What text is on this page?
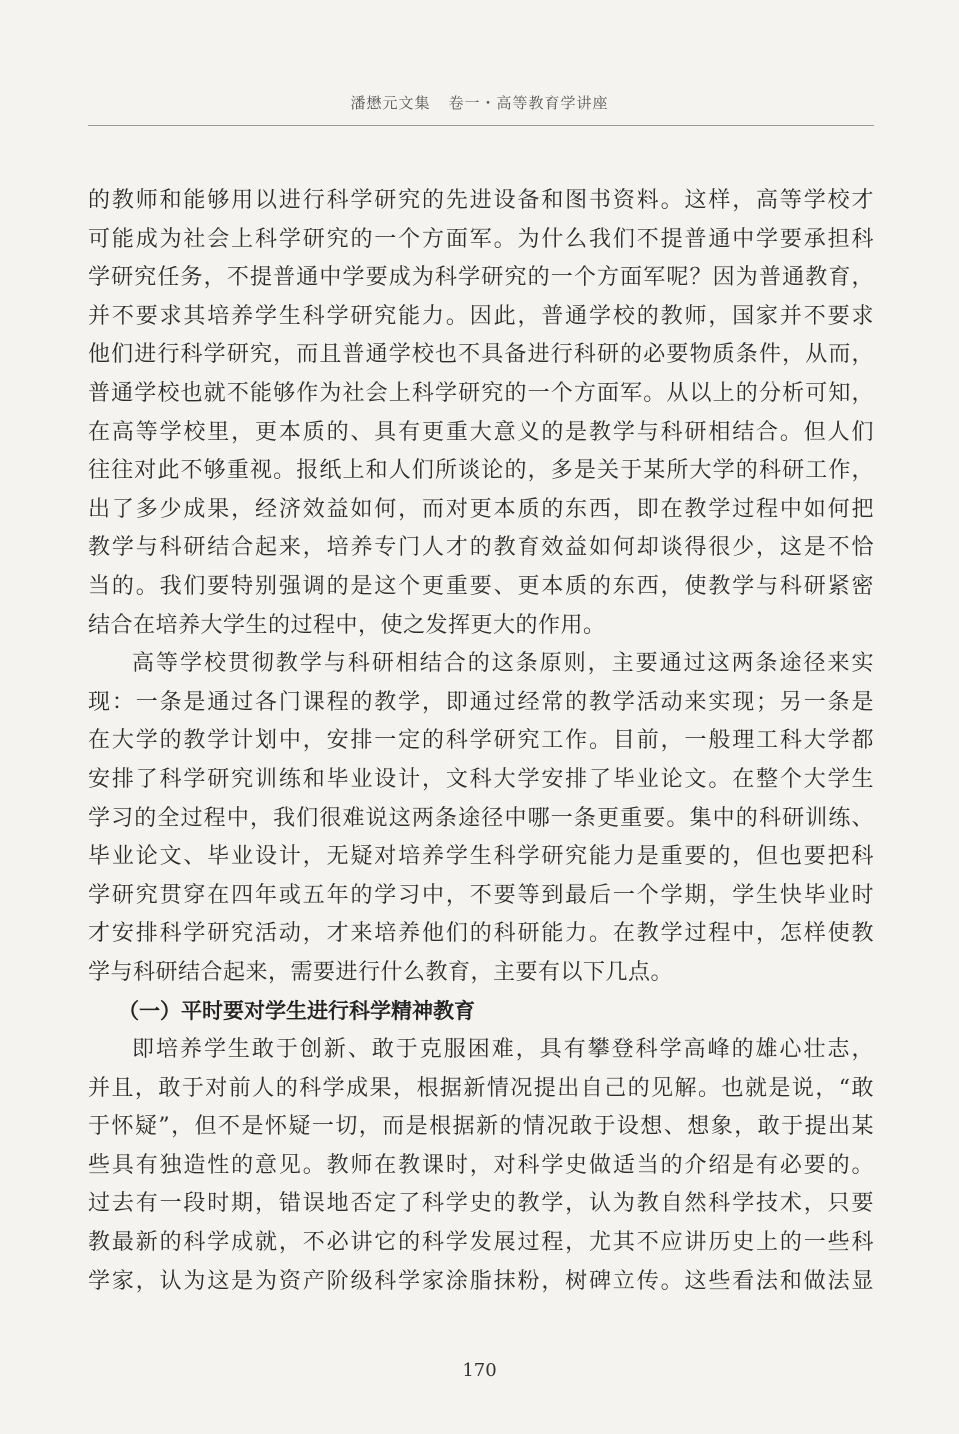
潘懋元文集 卷一・高等教育学讲座
的教师和能够用以进行科学研究的先进设备和图书资料。这样，高等学校才
可能成为社会上科学研究的一个方面军。为什么我们不提普通中学要承担科
学研究任务，不提普通中学要成为科学研究的一个方面军呢？因为普通教育，
并不要求其培养学生科学研究能力。因此，普通学校的教师，国家并不要求
他们进行科学研究，而且普通学校也不具备进行科研的必要物质条件，从而，
普通学校也就不能够作为社会上科学研究的一个方面军。从以上的分析可知，
在高等学校里，更本质的、具有更重大意义的是教学与科研相结合。但人们
往往对此不够重视。报纸上和人们所谈论的，多是关于某所大学的科研工作，
出了多少成果，经济效益如何，而对更本质的东西，即在教学过程中如何把
教学与科研结合起来，培养专门人才的教育效益如何却谈得很少，这是不恰
当的。我们要特别强调的是这个更重要、更本质的东西，使教学与科研紧密
结合在培养大学生的过程中，使之发挥更大的作用。
高等学校贯彻教学与科研相结合的这条原则，主要通过这两条途径来实
现：一条是通过各门课程的教学，即通过经常的教学活动来实现；另一条是
在大学的教学计划中，安排一定的科学研究工作。目前，一般理工科大学都
安排了科学研究训练和毕业设计，文科大学安排了毕业论文。在整个大学生
学习的全过程中，我们很难说这两条途径中哪一条更重要。集中的科研训练、
毕业论文、毕业设计，无疑对培养学生科学研究能力是重要的，但也要把科
学研究贯穿在四年或五年的学习中，不要等到最后一个学期，学生快毕业时
才安排科学研究活动，才来培养他们的科研能力。在教学过程中，怎样使教
学与科研结合起来，需要进行什么教育，主要有以下几点。
（一）平时要对学生进行科学精神教育
即培养学生敢于创新、敢于克服困难，具有攀登科学高峰的雄心壮志，
并且，敢于对前人的科学成果，根据新情况提出自己的见解。也就是说，“敢
于怀疑”，但不是怀疑一切，而是根据新的情况敢于设想、想象，敢于提出某
些具有独造性的意见。教师在教课时，对科学史做适当的介绍是有必要的。
过去有一段时期，错误地否定了科学史的教学，认为教自然科学技术，只要
教最新的科学成就，不必讲它的科学发展过程，尤其不应讲历史上的一些科
学家，认为这是为资产阶级科学家涂脂抹粉，树碑立传。这些看法和做法显
170
